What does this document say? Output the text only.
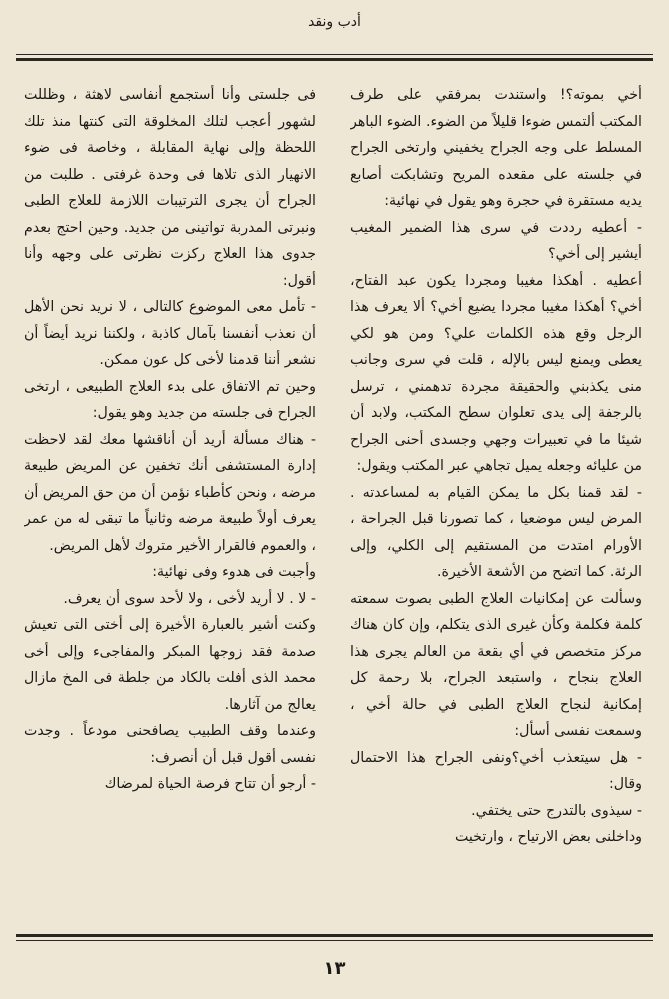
أدب ونقد

أخي بموته؟! واستندت بمرفقي على طرف المكتب ألتمس ضوءا قليلاً من الضوء. الضوء الباهر المسلط على وجه الجراح يخفيني وارتخى الجراح في جلسته على مقعده المريح وتشابكت أصابع يديه مستقرة في حجرة وهو يقول في نهائية:

- أعطيه رددت في سرى هذا الضمير المغيب أيشير إلى أخي؟

أعطيه . أهكذا مغيبا ومجردا يكون عبد الفتاح، أخي؟ أهكذا مغيبا مجردا يضيع أخي؟ ألا يعرف هذا الرجل وقع هذه الكلمات علي؟ ومن هو لكي يعطى ويمنع ليس بالإله ، قلت في سرى وجانب منى يكذبني والحقيقة مجردة تدهمني ، ترسل بالرجفة إلى يدى تعلوان سطح المكتب، ولابد أن شيئا ما في تعبيرات وجهي وجسدى أحنى الجراح من عليائه وجعله يميل تجاهي عبر المكتب ويقول:

- لقد قمنا بكل ما يمكن القيام به لمساعدته . المرض ليس موضعيا ، كما تصورنا قبل الجراحة ، الأورام امتدت من المستقيم إلى الكلي، وإلى الرئة. كما اتضح من الأشعة الأخيرة.

وسألت عن إمكانيات العلاج الطبى بصوت سمعته كلمة فكلمة وكأن غيرى الذى يتكلم، وإن كان هناك مركز متخصص في أي بقعة من العالم يجرى هذا العلاج بنجاح ، واستبعد الجراح، بلا رحمة كل إمكانية لنجاح العلاج الطبى في حالة أخي ، وسمعت نفسى أسأل:

- هل سيتعذب أخي؟ونفى الجراح هذا الاحتمال وقال:

- سيذوى بالتدرج حتى يختفي.

وداخلنى بعض الارتياح ، وارتخيت

فى جلستى وأنا أستجمع أنفاسى لاهثة ، وظللت لشهور أعجب لتلك المخلوقة التى كنتها منذ تلك اللحظة وإلى نهاية المقابلة ، وخاصة فى ضوء الانهيار الذى تلاها فى وحدة غرفتى . طلبت من الجراح أن يجرى الترتيبات اللازمة للعلاج الطبى ونبرتى المدربة تواتينى من جديد. وحين احتج بعدم جدوى هذا العلاج ركزت نظرتى على وجهه وأنا أقول:

- تأمل معى الموضوع كالتالى ، لا نريد نحن الأهل أن نعذب أنفسنا بآمال كاذبة ، ولكننا نريد أيضاً أن نشعر أننا قدمنا لأخى كل عون ممكن.

وحين تم الاتفاق على بدء العلاج الطبيعى ، ارتخى الجراح فى جلسته من جديد وهو يقول:

- هناك مسألة أريد أن أناقشها معك لقد لاحظت إدارة المستشفى أنك تخفين عن المريض طبيعة مرضه ، ونحن كأطباء نؤمن أن من حق المريض أن يعرف أولاً طبيعة مرضه وثانياً ما تبقى له من عمر ، والعموم فالقرار الأخير متروك لأهل المريض.

وأجبت فى هدوء وفى نهائية:

- لا . لا أريد لأخى ، ولا لأحد سوى أن يعرف.

وكنت أشير بالعبارة الأخيرة إلى أختى التى تعيش صدمة فقد زوجها المبكر والمفاجىء وإلى أخى محمد الذى أفلت بالكاد من جلطة فى المخ مازال يعالج من آثارها.

وعندما وقف الطبيب يصافحنى مودعاً . وجدت نفسى أقول قبل أن أنصرف:

- أرجو أن تتاح فرصة الحياة لمرضاك

١٣
